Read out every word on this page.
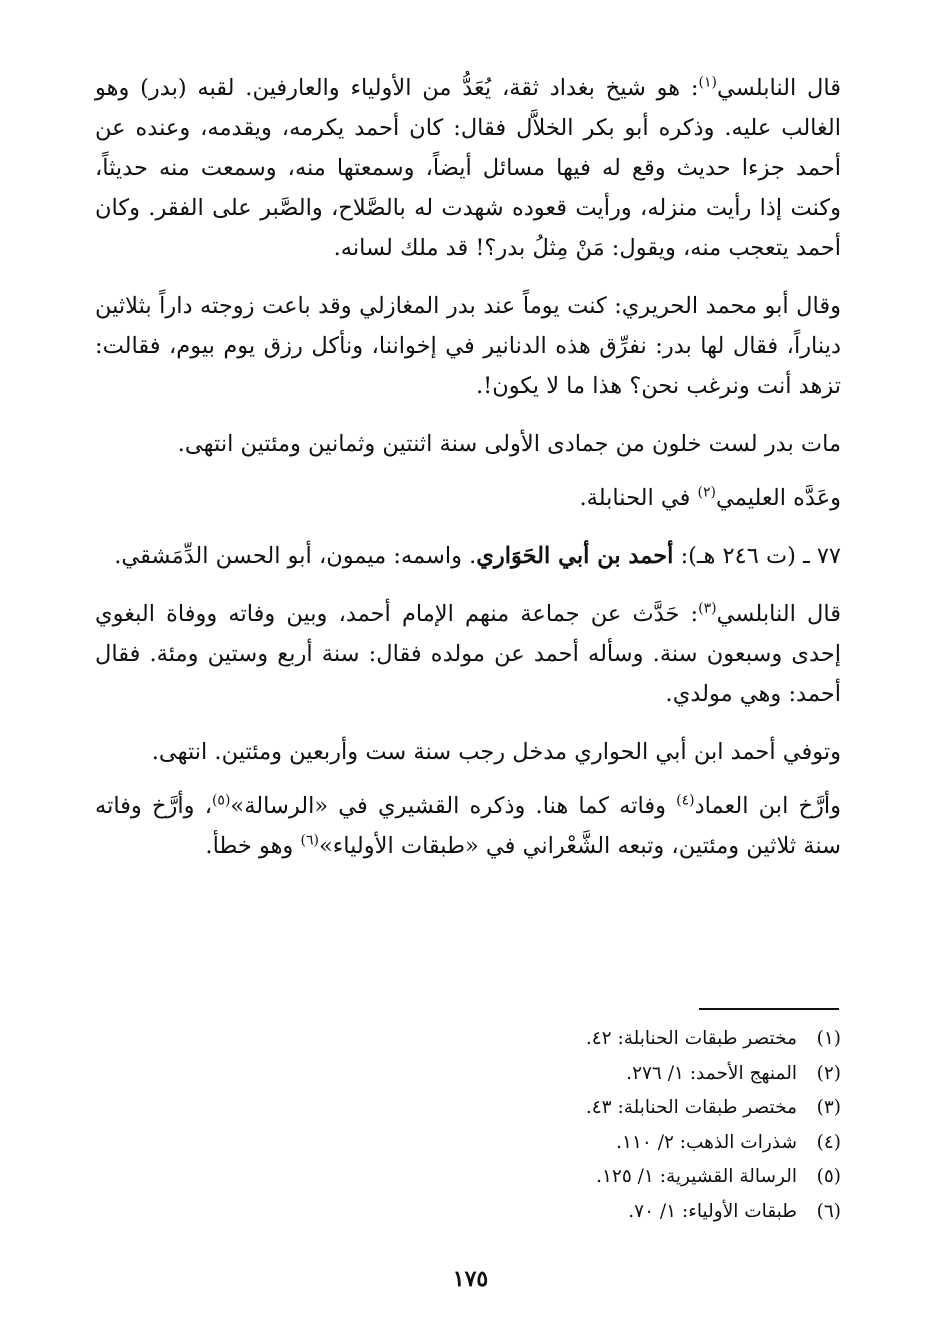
قال النابلسي$^{(١)}$: هو شيخ بغداد ثقة، يُعَدُّ من الأولياء والعارفين. لقبه (بدر) وهو الغالب عليه. وذكره أبو بكر الخلاَّل فقال: كان أحمد يكرمه، ويقدمه، وعنده عن أحمد جزءا حديث وقع له فيها مسائل أيضاً، وسمعتها منه، وسمعت منه حديثاً، وكنت إذا رأيت منزله، ورأيت قعوده شهدت له بالصَّلاح، والصَّبر على الفقر. وكان أحمد يتعجب منه، ويقول: مَنْ مِثلُ بدر؟! قد ملك لسانه.

وقال أبو محمد الحريري: كنت يوماً عند بدر المغازلي وقد باعت زوجته داراً بثلاثين ديناراً، فقال لها بدر: نفرِّق هذه الدنانير في إخواننا، ونأكل رزق يوم بيوم، فقالت: تزهد أنت ونرغب نحن؟ هذا ما لا يكون!.

مات بدر لست خلون من جمادى الأولى سنة اثنتين وثمانين ومئتين انتهى.

وعَدَّه العليمي$^{(٢)}$ في الحنابلة.

٧٧ ـ (ت ٢٤٦ هـ): أحمد بن أبي الحَوَاري. واسمه: ميمون، أبو الحسن الدِّمَشقي.

قال النابلسي$^{(٣)}$: حَدَّث عن جماعة منهم الإمام أحمد، وبين وفاته ووفاة البغوي إحدى وسبعون سنة. وسأله أحمد عن مولده فقال: سنة أربع وستين ومئة. فقال أحمد: وهي مولدي.

وتوفي أحمد ابن أبي الحواري مدخل رجب سنة ست وأربعين ومئتين. انتهى.

وأرَّخ ابن العماد$^{(٤)}$ وفاته كما هنا. وذكره القشيري في «الرسالة»$^{(٥)}$، وأرَّخ وفاته سنة ثلاثين ومئتين، وتبعه الشَّعْراني في «طبقات الأولياء»$^{(٦)}$ وهو خطأ.

(١)مختصر طبقات الحنابلة: ٤٢.
(٢)المنهج الأحمد: ١/ ٢٧٦.
(٣)مختصر طبقات الحنابلة: ٤٣.
(٤)شذرات الذهب: ٢/ ١١٠.
(٥)الرسالة القشيرية: ١/ ١٢٥.
(٦)طبقات الأولياء: ١/ ٧٠.
١٧٥
